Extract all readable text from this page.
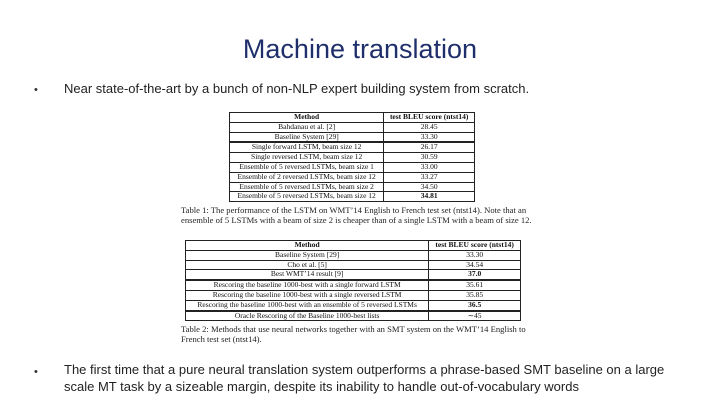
Machine translation
• Near state-of-the-art by a bunch of non-NLP expert building system from scratch.
Method	test BLEU score (ntst14)
Bahdanau et al. [2]	28.45
Baseline System [29]	33.30
Single forward LSTM, beam size 12	26.17
Single reversed LSTM, beam size 12	30.59
Ensemble of 5 reversed LSTMs, beam size 1	33.00
Ensemble of 2 reversed LSTMs, beam size 12	33.27
Ensemble of 5 reversed LSTMs, beam size 2	34.50
Ensemble of 5 reversed LSTMs, beam size 12	34.81
Table 1: The performance of the LSTM on WMT’14 English to French test set (ntst14). Note that an ensemble of 5 LSTMs with a beam of size 2 is cheaper than of a single LSTM with a beam of size 12.
Method	test BLEU score (ntst14)
Baseline System [29]	33.30
Cho et al. [5]	34.54
Best WMT’14 result [9]	37.0
Rescoring the baseline 1000-best with a single forward LSTM	35.61
Rescoring the baseline 1000-best with a single reversed LSTM	35.85
Rescoring the baseline 1000-best with an ensemble of 5 reversed LSTMs	36.5
Oracle Rescoring of the Baseline 1000-best lists	∼45
Table 2: Methods that use neural networks together with an SMT system on the WMT’14 English to French test set (ntst14).
• The first time that a pure neural translation system outperforms a phrase-based SMT baseline on a large scale MT task by a sizeable margin, despite its inability to handle out-of-vocabulary words
